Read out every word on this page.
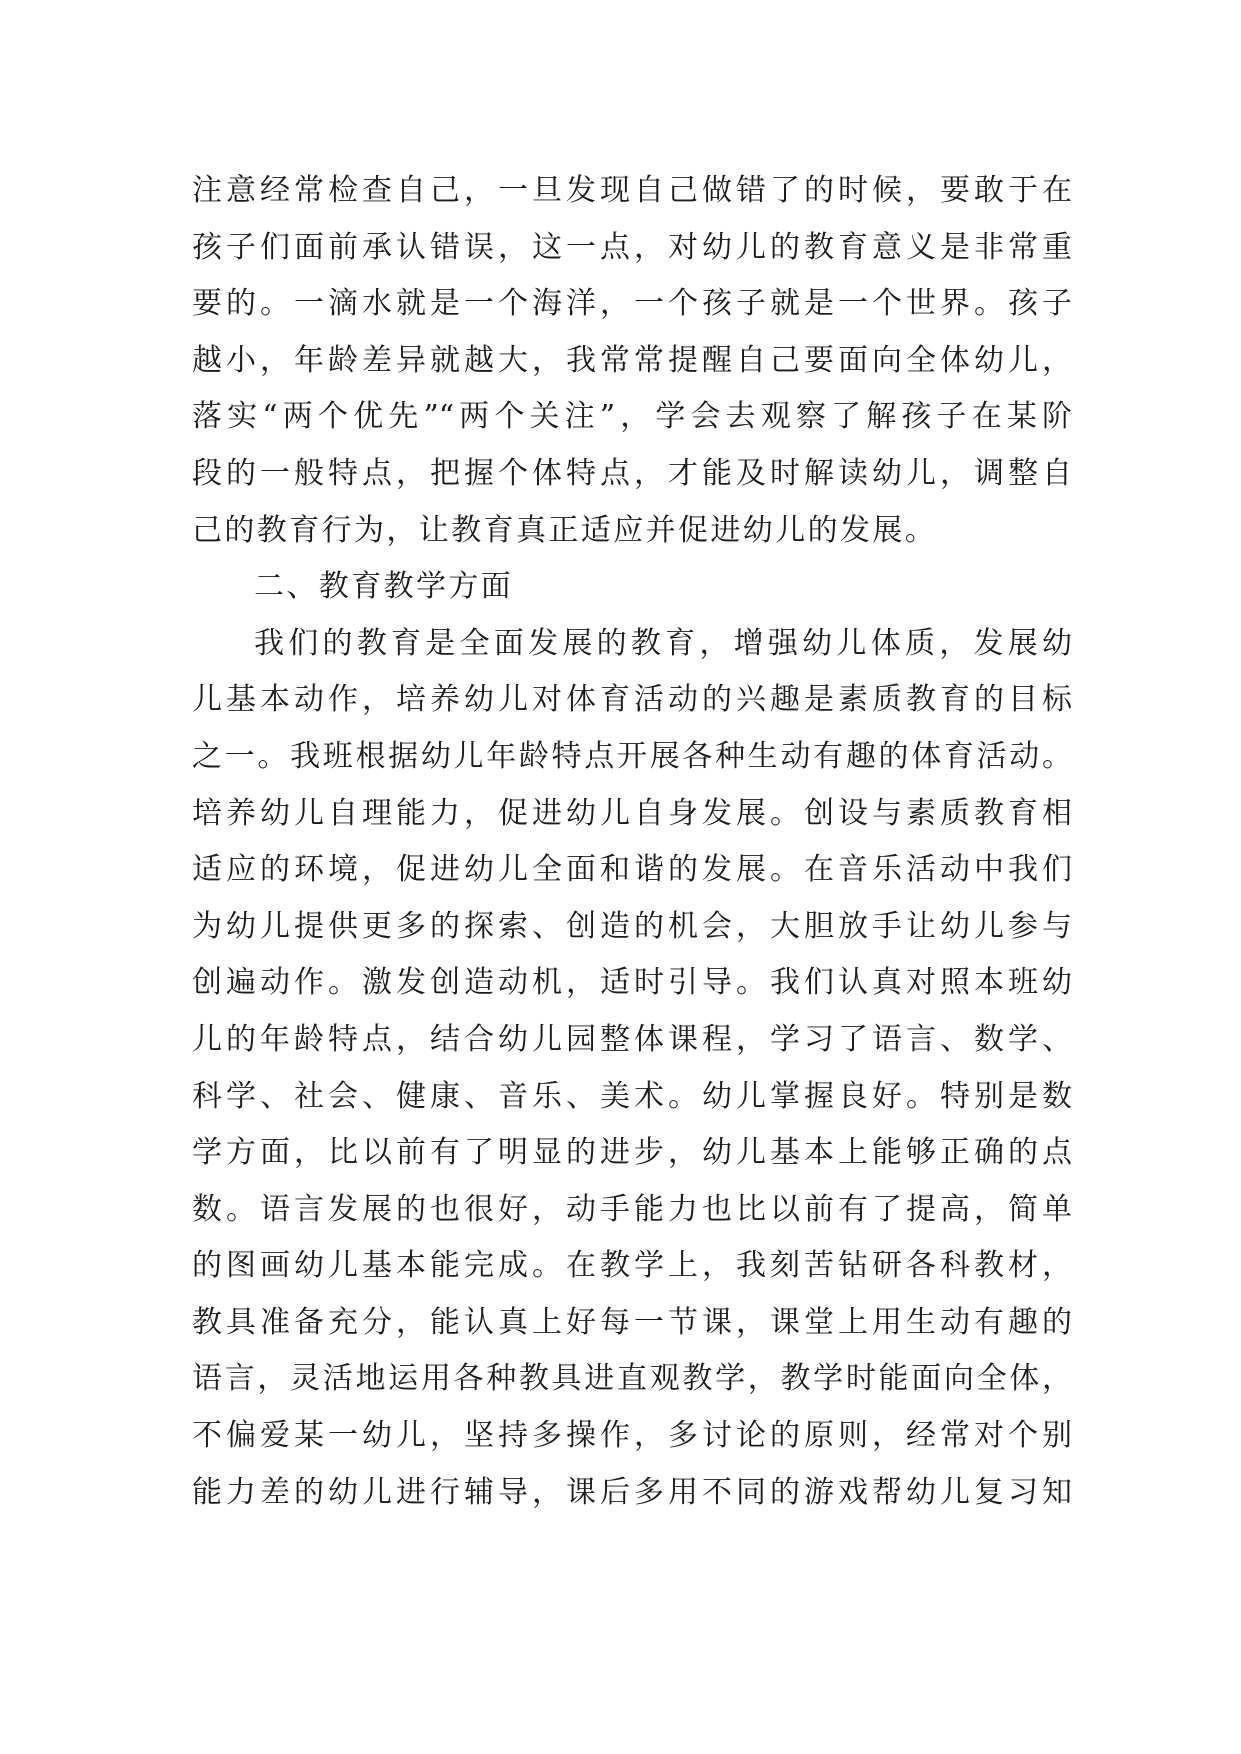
注意经常检查自己，一旦发现自己做错了的时候，要敢于在
孩子们面前承认错误，这一点，对幼儿的教育意义是非常重
要的。一滴水就是一个海洋，一个孩子就是一个世界。孩子
越小，年龄差异就越大，我常常提醒自己要面向全体幼儿，
落实“两个优先”“两个关注”，学会去观察了解孩子在某阶
段的一般特点，把握个体特点，才能及时解读幼儿，调整自
己的教育行为，让教育真正适应并促进幼儿的发展。
二、教育教学方面
我们的教育是全面发展的教育，增强幼儿体质，发展幼
儿基本动作，培养幼儿对体育活动的兴趣是素质教育的目标
之一。我班根据幼儿年龄特点开展各种生动有趣的体育活动。
培养幼儿自理能力，促进幼儿自身发展。创设与素质教育相
适应的环境，促进幼儿全面和谐的发展。在音乐活动中我们
为幼儿提供更多的探索、创造的机会，大胆放手让幼儿参与
创遍动作。激发创造动机，适时引导。我们认真对照本班幼
儿的年龄特点，结合幼儿园整体课程，学习了语言、数学、
科学、社会、健康、音乐、美术。幼儿掌握良好。特别是数
学方面，比以前有了明显的进步，幼儿基本上能够正确的点
数。语言发展的也很好，动手能力也比以前有了提高，简单
的图画幼儿基本能完成。在教学上，我刻苦钻研各科教材，
教具准备充分，能认真上好每一节课，课堂上用生动有趣的
语言，灵活地运用各种教具进直观教学，教学时能面向全体，
不偏爱某一幼儿，坚持多操作，多讨论的原则，经常对个别
能力差的幼儿进行辅导，课后多用不同的游戏帮幼儿复习知
